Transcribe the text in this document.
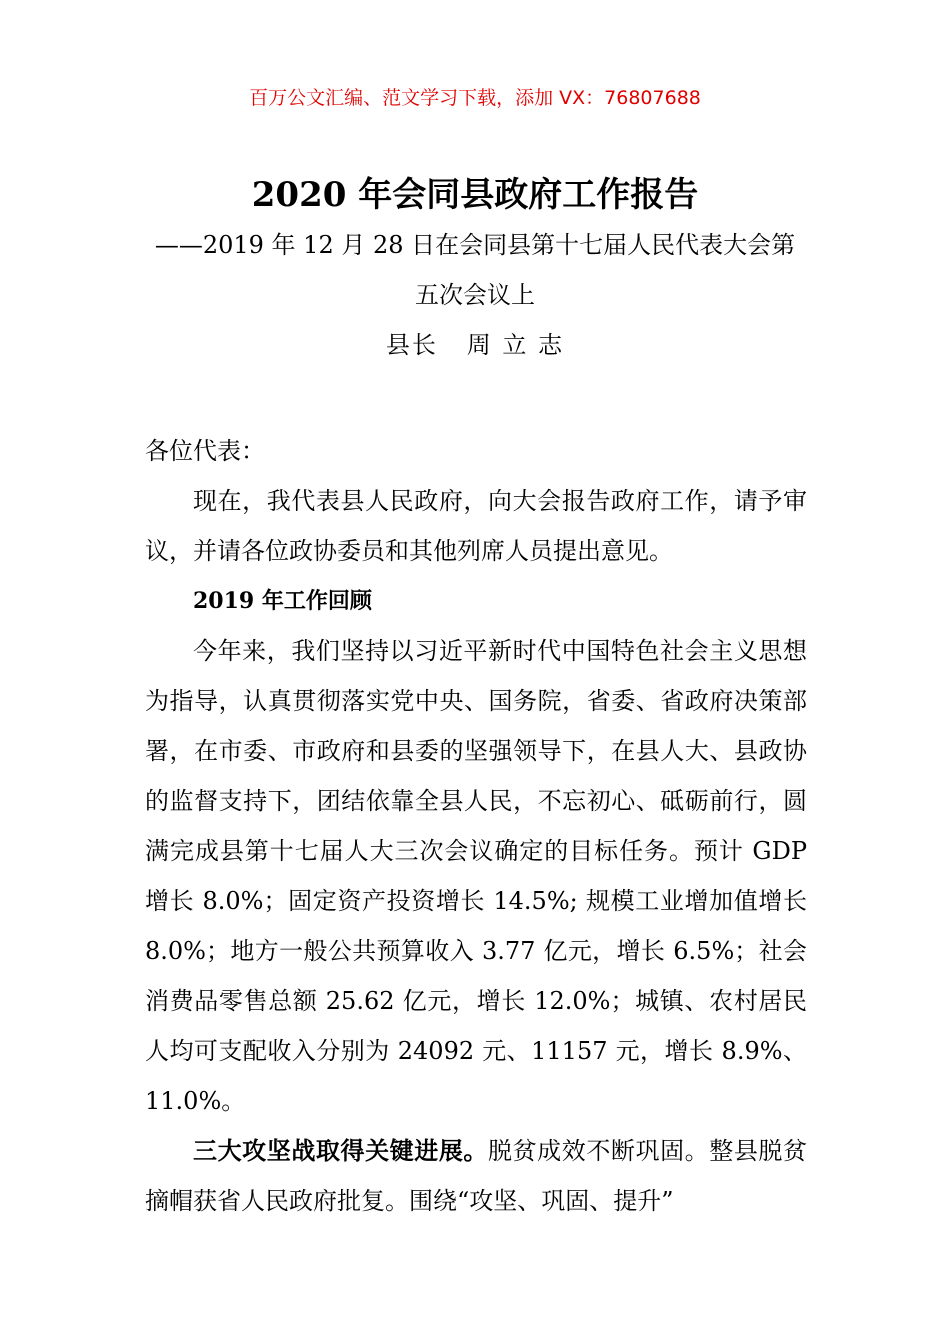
百万公文汇编、范文学习下载，添加 VX：76807688
2020 年会同县政府工作报告
——2019 年 12 月 28 日在会同县第十七届人民代表大会第
五次会议上
县长   周 立 志

各位代表：

现在，我代表县人民政府，向大会报告政府工作，请予审议，并请各位政协委员和其他列席人员提出意见。

2019 年工作回顾

今年来，我们坚持以习近平新时代中国特色社会主义思想为指导，认真贯彻落实党中央、国务院，省委、省政府决策部署，在市委、市政府和县委的坚强领导下，在县人大、县政协的监督支持下，团结依靠全县人民，不忘初心、砥砺前行，圆满完成县第十七届人大三次会议确定的目标任务。预计 GDP 增长 8.0%；固定资产投资增长 14.5%; 规模工业增加值增长 8.0%；地方一般公共预算收入 3.77 亿元，增长 6.5%；社会消费品零售总额 25.62 亿元，增长 12.0%；城镇、农村居民人均可支配收入分别为 24092 元、11157 元，增长 8.9%、11.0%。

三大攻坚战取得关键进展。脱贫成效不断巩固。整县脱贫摘帽获省人民政府批复。围绕“攻坚、巩固、提升”
